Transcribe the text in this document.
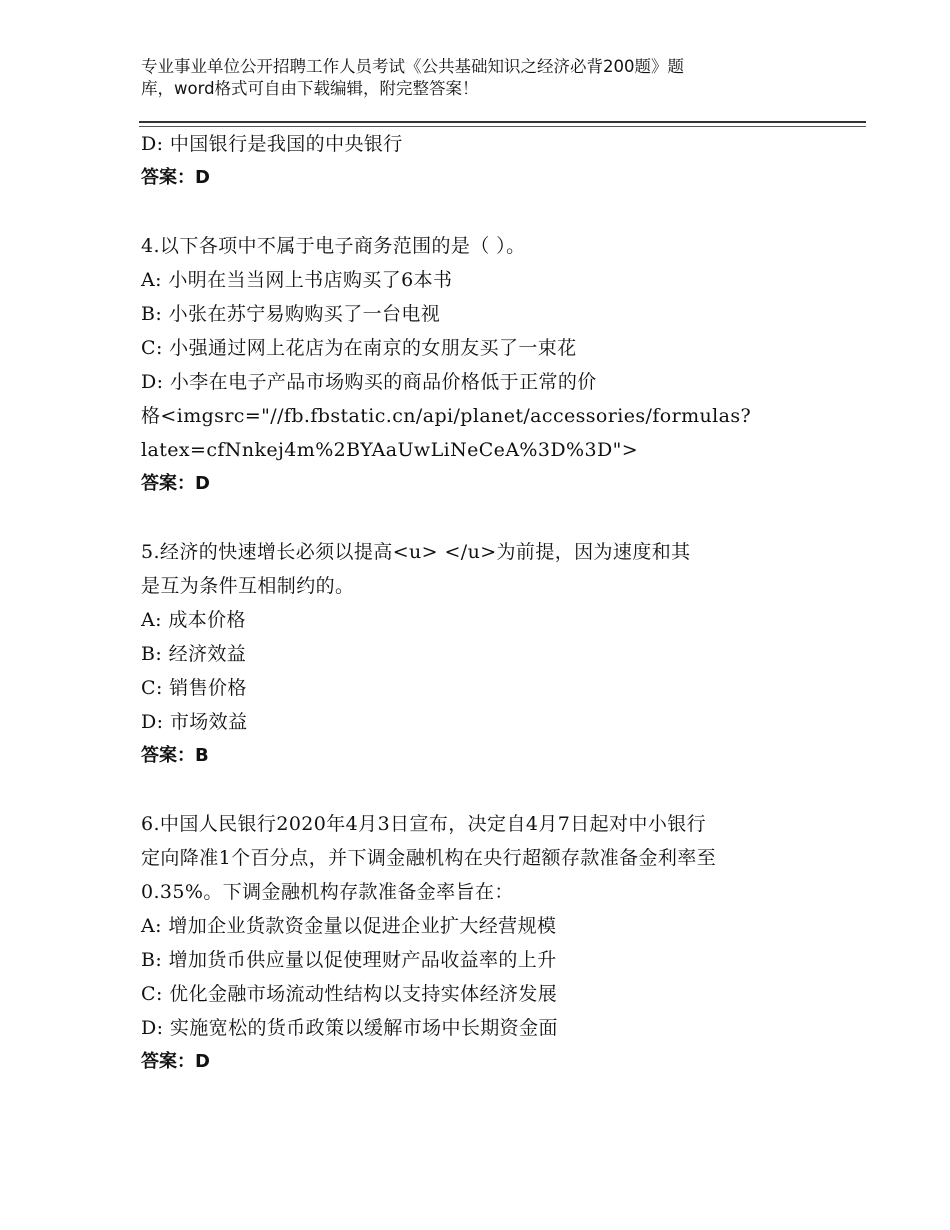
专业事业单位公开招聘工作人员考试《公共基础知识之经济必背200题》题
库，word格式可自由下载编辑，附完整答案！
D: 中国银行是我国的中央银行
答案：D
4.以下各项中不属于电子商务范围的是（ ）。
A: 小明在当当网上书店购买了6本书
B: 小张在苏宁易购购买了一台电视
C: 小强通过网上花店为在南京的女朋友买了一束花
D: 小李在电子产品市场购买的商品价格低于正常的价
格<imgsrc="//fb.fbstatic.cn/api/planet/accessories/formulas?
latex=cfNnkej4m%2BYAaUwLiNeCeA%3D%3D">
答案：D
5.经济的快速增长必须以提高<u> </u>为前提，因为速度和其
是互为条件互相制约的。
A: 成本价格
B: 经济效益
C: 销售价格
D: 市场效益
答案：B
6.中国人民银行2020年4月3日宣布，决定自4月7日起对中小银行
定向降准1个百分点，并下调金融机构在央行超额存款准备金利率至
0.35%。下调金融机构存款准备金率旨在：
A: 增加企业货款资金量以促进企业扩大经营规模
B: 增加货币供应量以促使理财产品收益率的上升
C: 优化金融市场流动性结构以支持实体经济发展
D: 实施宽松的货币政策以缓解市场中长期资金面
答案：D
